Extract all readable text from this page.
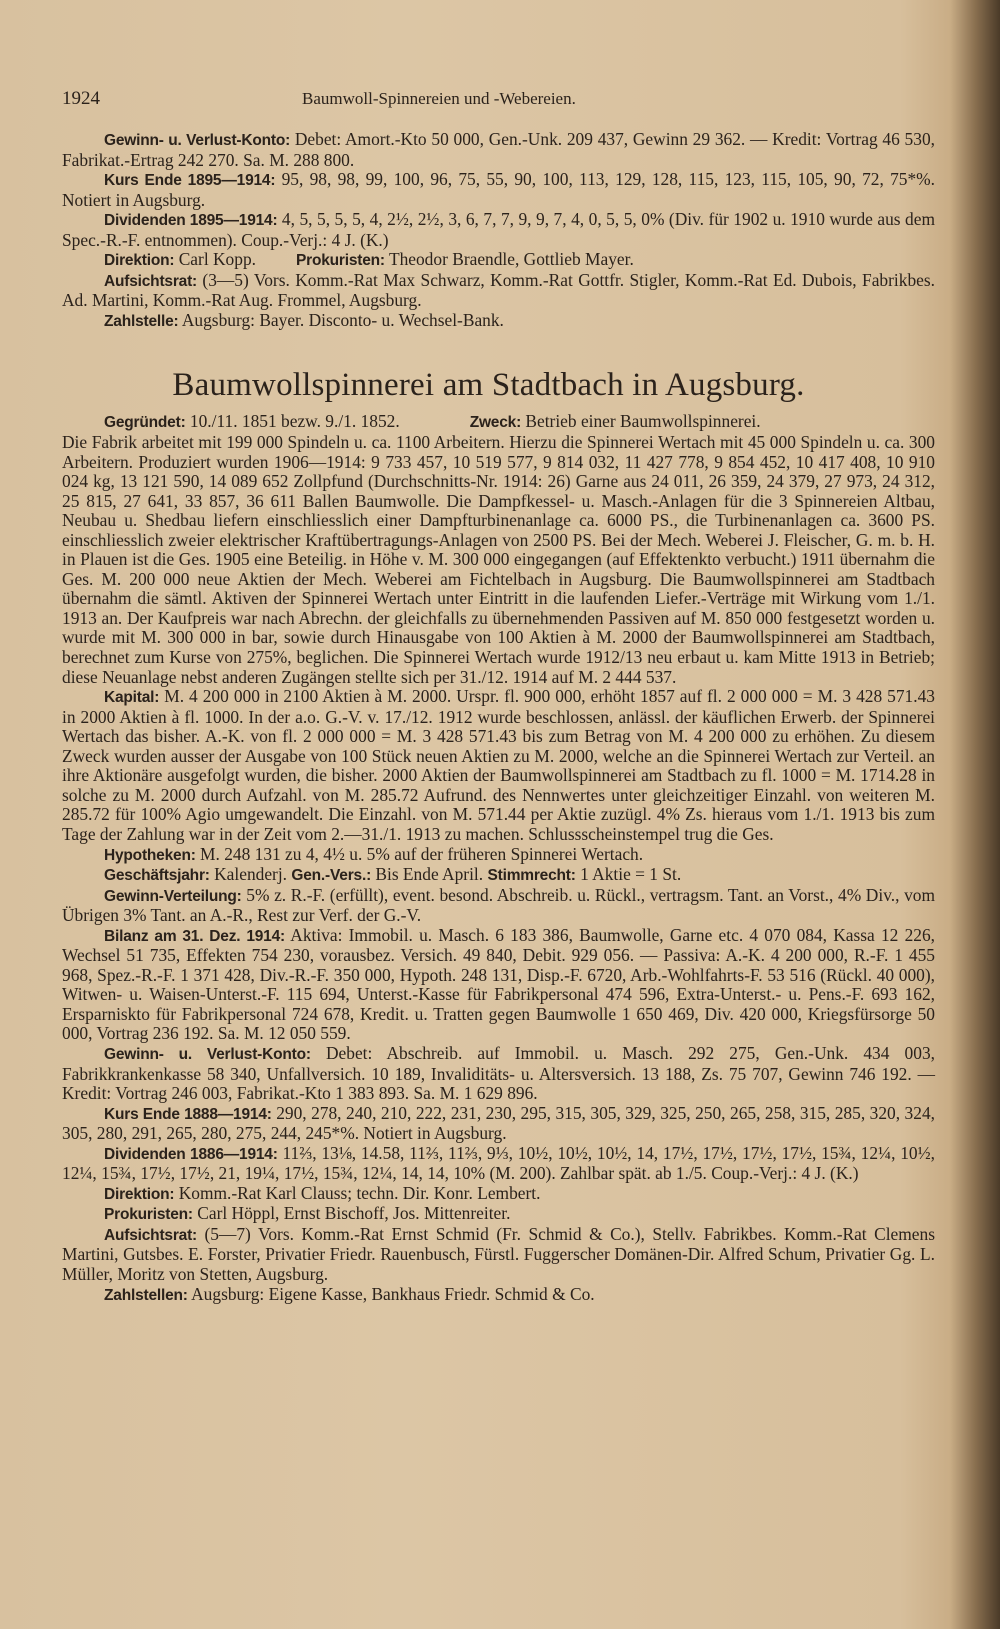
1924	Baumwoll-Spinnereien und -Webereien.

Gewinn- u. Verlust-Konto: Debet: Amort.-Kto 50 000, Gen.-Unk. 209 437, Gewinn 29 362. — Kredit: Vortrag 46 530, Fabrikat.-Ertrag 242 270. Sa. M. 288 800.

Kurs Ende 1895—1914: 95, 98, 98, 99, 100, 96, 75, 55, 90, 100, 113, 129, 128, 115, 123, 115, 105, 90, 72, 75*%. Notiert in Augsburg.

Dividenden 1895—1914: 4, 5, 5, 5, 5, 4, 2½, 2½, 3, 6, 7, 7, 9, 9, 7, 4, 0, 5, 5, 0% (Div. für 1902 u. 1910 wurde aus dem Spec.-R.-F. entnommen). Coup.-Verj.: 4 J. (K.)

Direktion: Carl Kopp.	Prokuristen: Theodor Braendle, Gottlieb Mayer.

Aufsichtsrat: (3—5) Vors. Komm.-Rat Max Schwarz, Komm.-Rat Gottfr. Stigler, Komm.-Rat Ed. Dubois, Fabrikbes. Ad. Martini, Komm.-Rat Aug. Frommel, Augsburg.

Zahlstelle: Augsburg: Bayer. Disconto- u. Wechsel-Bank.

Baumwollspinnerei am Stadtbach in Augsburg.

Gegründet: 10./11. 1851 bezw. 9./1. 1852.	Zweck: Betrieb einer Baumwollspinnerei.

Die Fabrik arbeitet mit 199 000 Spindeln u. ca. 1100 Arbeitern. Hierzu die Spinnerei Wertach mit 45 000 Spindeln u. ca. 300 Arbeitern. Produziert wurden 1906—1914: 9 733 457, 10 519 577, 9 814 032, 11 427 778, 9 854 452, 10 417 408, 10 910 024 kg, 13 121 590, 14 089 652 Zollpfund (Durchschnitts-Nr. 1914: 26) Garne aus 24 011, 26 359, 24 379, 27 973, 24 312, 25 815, 27 641, 33 857, 36 611 Ballen Baumwolle. Die Dampfkessel- u. Masch.-Anlagen für die 3 Spinnereien Altbau, Neubau u. Shedbau liefern einschliesslich einer Dampfturbinenanlage ca. 6000 PS., die Turbinenanlagen ca. 3600 PS. einschliesslich zweier elektrischer Kraftübertragungs-Anlagen von 2500 PS. Bei der Mech. Weberei J. Fleischer, G. m. b. H. in Plauen ist die Ges. 1905 eine Beteilig. in Höhe v. M. 300 000 eingegangen (auf Effektenkto verbucht.) 1911 übernahm die Ges. M. 200 000 neue Aktien der Mech. Weberei am Fichtelbach in Augsburg. Die Baumwollspinnerei am Stadtbach übernahm die sämtl. Aktiven der Spinnerei Wertach unter Eintritt in die laufenden Liefer.-Verträge mit Wirkung vom 1./1. 1913 an. Der Kaufpreis war nach Abrechn. der gleichfalls zu übernehmenden Passiven auf M. 850 000 festgesetzt worden u. wurde mit M. 300 000 in bar, sowie durch Hinausgabe von 100 Aktien à M. 2000 der Baumwollspinnerei am Stadtbach, berechnet zum Kurse von 275%, beglichen. Die Spinnerei Wertach wurde 1912/13 neu erbaut u. kam Mitte 1913 in Betrieb; diese Neuanlage nebst anderen Zugängen stellte sich per 31./12. 1914 auf M. 2 444 537.

Kapital: M. 4 200 000 in 2100 Aktien à M. 2000. Urspr. fl. 900 000, erhöht 1857 auf fl. 2 000 000 = M. 3 428 571.43 in 2000 Aktien à fl. 1000. In der a.o. G.-V. v. 17./12. 1912 wurde beschlossen, anlässl. der käuflichen Erwerb. der Spinnerei Wertach das bisher. A.-K. von fl. 2 000 000 = M. 3 428 571.43 bis zum Betrag von M. 4 200 000 zu erhöhen. Zu diesem Zweck wurden ausser der Ausgabe von 100 Stück neuen Aktien zu M. 2000, welche an die Spinnerei Wertach zur Verteil. an ihre Aktionäre ausgefolgt wurden, die bisher. 2000 Aktien der Baumwollspinnerei am Stadtbach zu fl. 1000 = M. 1714.28 in solche zu M. 2000 durch Aufzahl. von M. 285.72 Aufrund. des Nennwertes unter gleichzeitiger Einzahl. von weiteren M. 285.72 für 100% Agio umgewandelt. Die Einzahl. von M. 571.44 per Aktie zuzügl. 4% Zs. hieraus vom 1./1. 1913 bis zum Tage der Zahlung war in der Zeit vom 2.—31./1. 1913 zu machen. Schlussscheinstempel trug die Ges.

Hypotheken: M. 248 131 zu 4, 4½ u. 5% auf der früheren Spinnerei Wertach.

Geschäftsjahr: Kalenderj. Gen.-Vers.: Bis Ende April. Stimmrecht: 1 Aktie = 1 St.

Gewinn-Verteilung: 5% z. R.-F. (erfüllt), event. besond. Abschreib. u. Rückl., vertragsm. Tant. an Vorst., 4% Div., vom Übrigen 3% Tant. an A.-R., Rest zur Verf. der G.-V.

Bilanz am 31. Dez. 1914: Aktiva: Immobil. u. Masch. 6 183 386, Baumwolle, Garne etc. 4 070 084, Kassa 12 226, Wechsel 51 735, Effekten 754 230, vorausbez. Versich. 49 840, Debit. 929 056. — Passiva: A.-K. 4 200 000, R.-F. 1 455 968, Spez.-R.-F. 1 371 428, Div.-R.-F. 350 000, Hypoth. 248 131, Disp.-F. 6720, Arb.-Wohlfahrts-F. 53 516 (Rückl. 40 000), Witwen- u. Waisen-Unterst.-F. 115 694, Unterst.-Kasse für Fabrikpersonal 474 596, Extra-Unterst.- u. Pens.-F. 693 162, Ersparniskto für Fabrikpersonal 724 678, Kredit. u. Tratten gegen Baumwolle 1 650 469, Div. 420 000, Kriegsfürsorge 50 000, Vortrag 236 192. Sa. M. 12 050 559.

Gewinn- u. Verlust-Konto: Debet: Abschreib. auf Immobil. u. Masch. 292 275, Gen.-Unk. 434 003, Fabrikkrankenkasse 58 340, Unfallversich. 10 189, Invaliditäts- u. Altersversich. 13 188, Zs. 75 707, Gewinn 746 192. — Kredit: Vortrag 246 003, Fabrikat.-Kto 1 383 893. Sa. M. 1 629 896.

Kurs Ende 1888—1914: 290, 278, 240, 210, 222, 231, 230, 295, 315, 305, 329, 325, 250, 265, 258, 315, 285, 320, 324, 305, 280, 291, 265, 280, 275, 244, 245*%. Notiert in Augsburg.

Dividenden 1886—1914: 11⅔, 13⅛, 14.58, 11⅔, 11⅔, 9⅓, 10½, 10½, 10½, 14, 17½, 17½, 17½, 17½, 15¾, 12¼, 10½, 12¼, 15¾, 17½, 17½, 21, 19¼, 17½, 15¾, 12¼, 14, 14, 10% (M. 200). Zahlbar spät. ab 1./5. Coup.-Verj.: 4 J. (K.)

Direktion: Komm.-Rat Karl Clauss; techn. Dir. Konr. Lembert.

Prokuristen: Carl Höppl, Ernst Bischoff, Jos. Mittenreiter.

Aufsichtsrat: (5—7) Vors. Komm.-Rat Ernst Schmid (Fr. Schmid & Co.), Stellv. Fabrikbes. Komm.-Rat Clemens Martini, Gutsbes. E. Forster, Privatier Friedr. Rauenbusch, Fürstl. Fuggerscher Domänen-Dir. Alfred Schum, Privatier Gg. L. Müller, Moritz von Stetten, Augsburg.

Zahlstellen: Augsburg: Eigene Kasse, Bankhaus Friedr. Schmid & Co.
